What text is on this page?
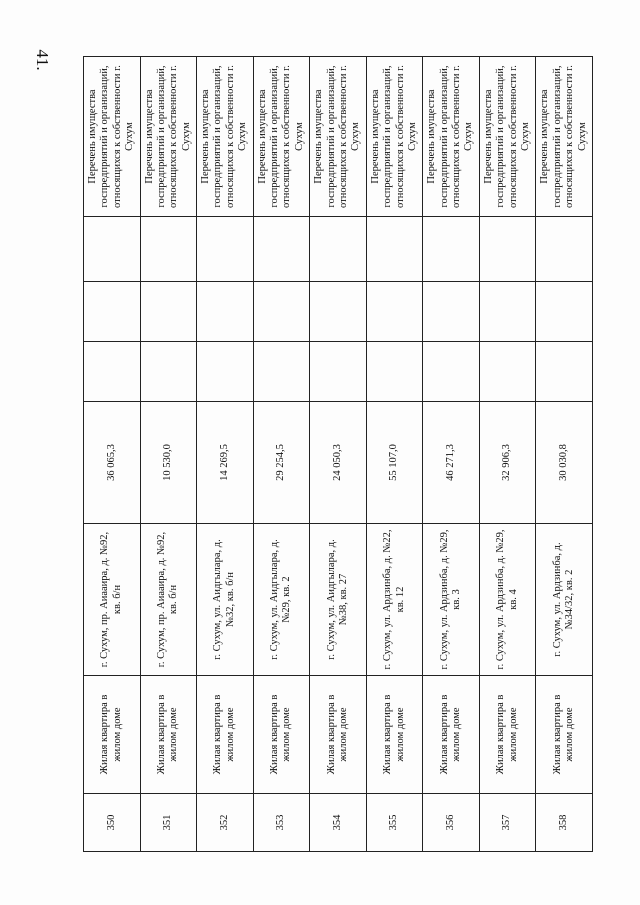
41.
350	Жилая квартира в жилом доме	г. Сухум, пр. Аиааира, д. №92, кв. б/н	36 065,3				Перечень имущества госпредприятий и организаций, относящихся к собственности г. Сухум
351	Жилая квартира в жилом доме	г. Сухум, пр. Аиааира, д. №92, кв. б/н	10 530,0				Перечень имущества госпредприятий и организаций, относящихся к собственности г. Сухум
352	Жилая квартира в жилом доме	г. Сухум, ул. Аидгылара, д. №32, кв. б/н	14 269,5				Перечень имущества госпредприятий и организаций, относящихся к собственности г. Сухум
353	Жилая квартира в жилом доме	г. Сухум, ул. Аидгылара, д. №29, кв. 2	29 254,5				Перечень имущества госпредприятий и организаций, относящихся к собственности г. Сухум
354	Жилая квартира в жилом доме	г. Сухум, ул. Аидгылара, д. №38, кв. 27	24 050,3				Перечень имущества госпредприятий и организаций, относящихся к собственности г. Сухум
355	Жилая квартира в жилом доме	г. Сухум, ул. Ардзинба, д. №22, кв. 12	55 107,0				Перечень имущества госпредприятий и организаций, относящихся к собственности г. Сухум
356	Жилая квартира в жилом доме	г. Сухум, ул. Ардзинба, д. №29, кв. 3	46 271,3				Перечень имущества госпредприятий и организаций, относящихся к собственности г. Сухум
357	Жилая квартира в жилом доме	г. Сухум, ул. Ардзинба, д. №29, кв. 4	32 906,3				Перечень имущества госпредприятий и организаций, относящихся к собственности г. Сухум
358	Жилая квартира в жилом доме	г. Сухум, ул. Ардзинба, д. №34/32, кв. 2	30 030,8				Перечень имущества госпредприятий и организаций, относящихся к собственности г. Сухум
